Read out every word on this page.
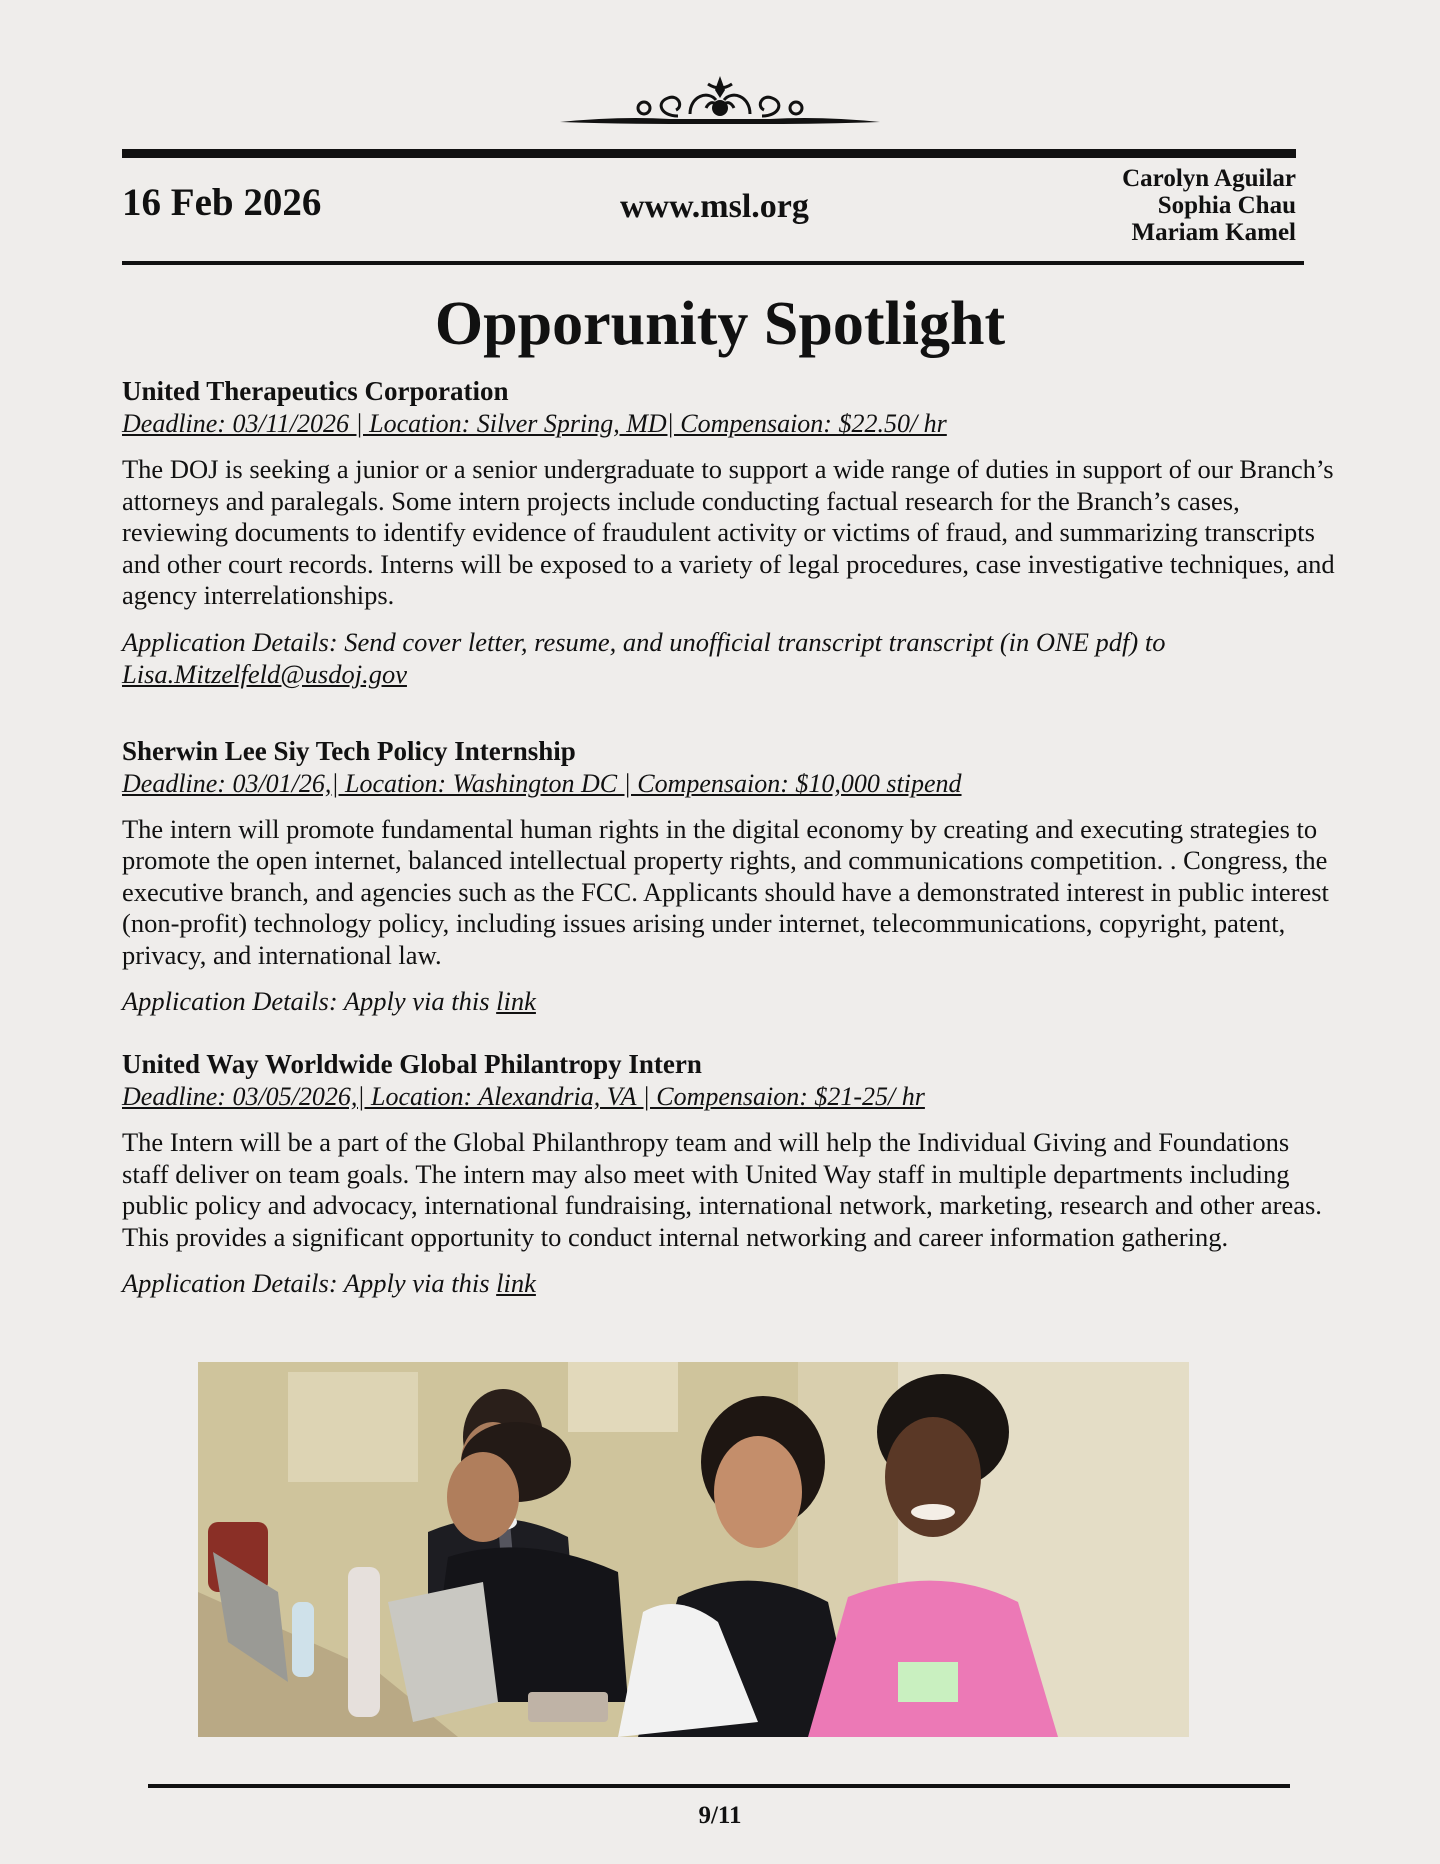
16 Feb 2026	www.msl.org
Carolyn Aguilar
Sophia Chau
Mariam Kamel
Opporunity Spotlight
United Therapeutics Corporation
Deadline: 03/11/2026 | Location: Silver Spring, MD| Compensaion: $22.50/ hr
The DOJ is seeking a junior or a senior undergraduate to support a wide range of duties in support of our Branch’s attorneys and paralegals. Some intern projects include conducting factual research for the Branch’s cases, reviewing documents to identify evidence of fraudulent activity or victims of fraud, and summarizing transcripts and other court records. Interns will be exposed to a variety of legal procedures, case investigative techniques, and agency interrelationships.
Application Details: Send cover letter, resume, and unofficial transcript transcript (in ONE pdf) to Lisa.Mitzelfeld@usdoj.gov
Sherwin Lee Siy Tech Policy Internship
Deadline: 03/01/26,| Location: Washington DC | Compensaion: $10,000 stipend
The intern will promote fundamental human rights in the digital economy by creating and executing strategies to promote the open internet, balanced intellectual property rights, and communications competition. . Congress, the executive branch, and agencies such as the FCC. Applicants should have a demonstrated interest in public interest (non-profit) technology policy, including issues arising under internet, telecommunications, copyright, patent, privacy, and international law.
Application Details: Apply via this link
United Way Worldwide Global Philantropy Intern
Deadline: 03/05/2026,| Location: Alexandria, VA | Compensaion: $21-25/ hr
The Intern will be a part of the Global Philanthropy team and will help the Individual Giving and Foundations staff deliver on team goals. The intern may also meet with United Way staff in multiple departments including public policy and advocacy, international fundraising, international network, marketing, research and other areas. This provides a significant opportunity to conduct internal networking and career information gathering.
Application Details: Apply via this link
9/11
